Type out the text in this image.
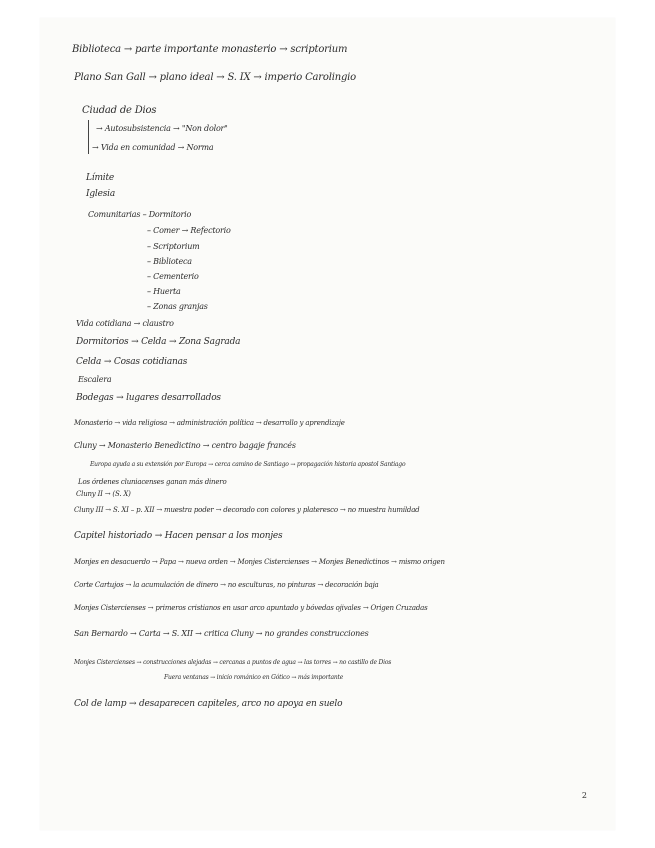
Biblioteca → parte importante monasterio → scriptorium
Plano San Gall → plano ideal → S. IX → imperio Carolingio
Ciudad de Dios
→ Autosubsistencia → "Non dolor"
→ Vida en comunidad → Norma
Límite
Iglesia
Comunitarias – Dormitorio
– Comer → Refectorio
– Scriptorium
– Biblioteca
– Cementerio
– Huerta
– Zonas granjas
Vida cotidiana → claustro
Dormitorios → Celda → Zona Sagrada
Celda → Cosas cotidianas
Escalera
Bodegas → lugares desarrollados
Monasterio → vida religiosa → administración política → desarrollo y aprendizaje
Cluny → Monasterio Benedictino → centro bagaje francés
Europa ayuda a su extensión por Europa → cerca camino de Santiago → propagación historia apostol Santiago
Los órdenes cluniacenses ganan más dinero
Cluny II → (S. X)
Cluny III → S. XI – p. XII → muestra poder → decorado con colores y plateresco → no muestra humildad
Capitel historiado → Hacen pensar a los monjes
Monjes en desacuerdo → Papa → nueva orden → Monjes Cistercienses → Monjes Benedictinos → mismo origen
Corte Cartujos → la acumulación de dinero → no esculturas, no pinturas → decoración baja
Monjes Cistercienses → primeros cristianos en usar arco apuntado y bóvedas ojivales → Origen Cruzadas
San Bernardo → Carta → S. XII → critica Cluny → no grandes construcciones
Monjes Cistercienses → construcciones alejadas → cercanas a puntos de agua → las torres → no castillo de Dios
Fuera ventanas → inicio románico en Gótico → más importante
Col de lamp → desaparecen capiteles, arco no apoya en suelo
2
